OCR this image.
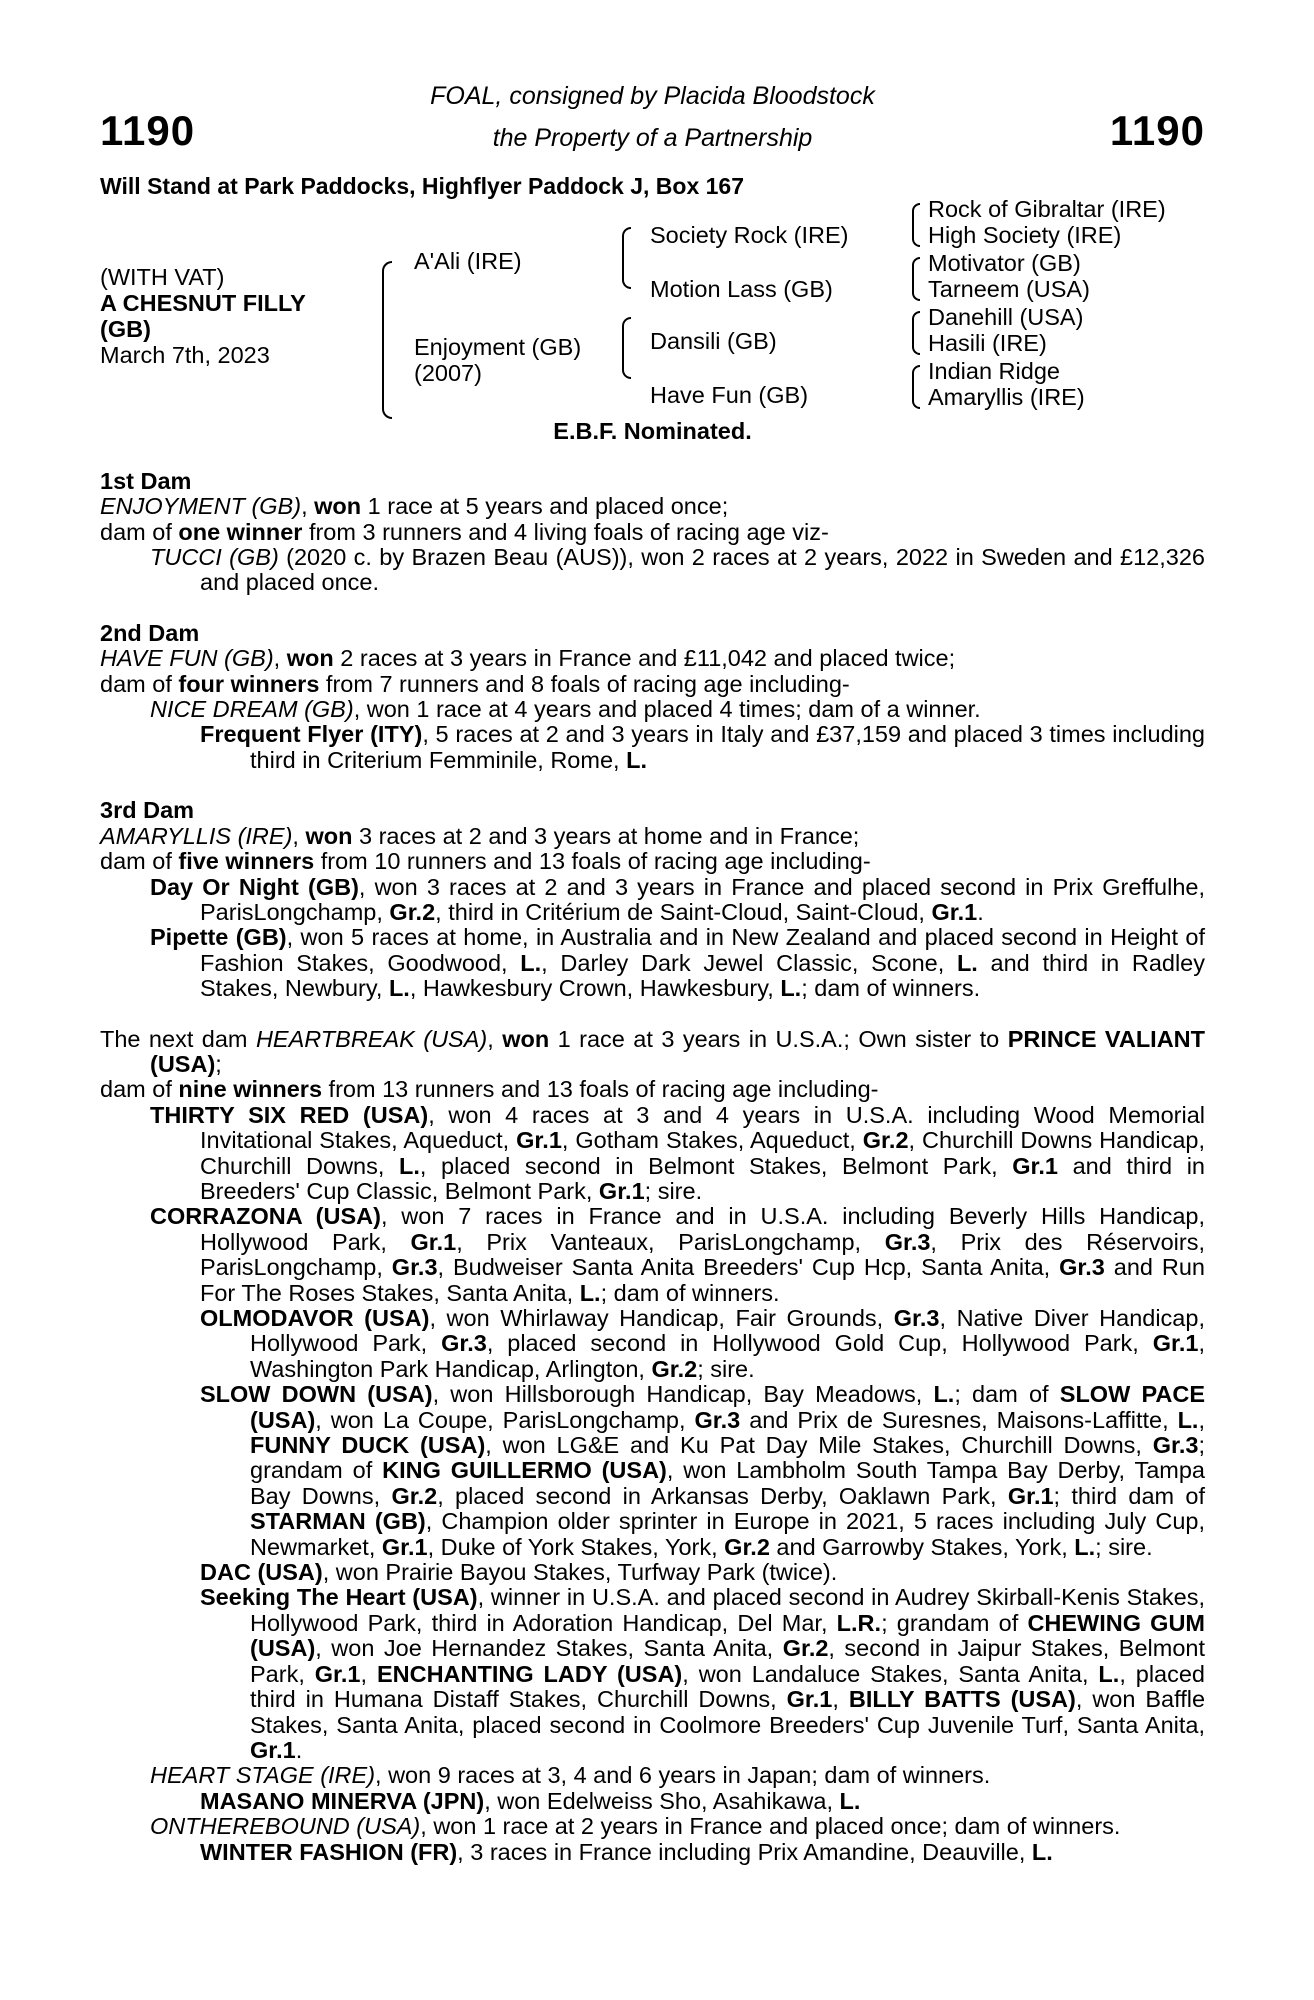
1190
FOAL, consigned by Placida Bloodstock
the Property of a Partnership	1190
Will Stand at Park Paddocks, Highflyer Paddock J, Box 167
(WITH VAT)
A CHESNUT FILLY
(GB)
March 7th, 2023
A'Ali (IRE)
Enjoyment (GB)
(2007)
Society Rock (IRE)
Motion Lass (GB)
Dansili (GB)
Have Fun (GB)
Rock of Gibraltar (IRE)
High Society (IRE)
Motivator (GB)
Tarneem (USA)
Danehill (USA)
Hasili (IRE)
Indian Ridge
Amaryllis (IRE)
E.B.F. Nominated.
1st Dam
ENJOYMENT (GB), won 1 race at 5 years and placed once;
dam of one winner from 3 runners and 4 living foals of racing age viz-
TUCCI (GB) (2020 c. by Brazen Beau (AUS)), won 2 races at 2 years, 2022 in Sweden and £12,326 and placed once.
2nd Dam
HAVE FUN (GB), won 2 races at 3 years in France and £11,042 and placed twice;
dam of four winners from 7 runners and 8 foals of racing age including-
NICE DREAM (GB), won 1 race at 4 years and placed 4 times; dam of a winner.
Frequent Flyer (ITY), 5 races at 2 and 3 years in Italy and £37,159 and placed 3 times including third in Criterium Femminile, Rome, L.
3rd Dam
AMARYLLIS (IRE), won 3 races at 2 and 3 years at home and in France;
dam of five winners from 10 runners and 13 foals of racing age including-
Day Or Night (GB), won 3 races at 2 and 3 years in France and placed second in Prix Greffulhe, ParisLongchamp, Gr.2, third in Critérium de Saint-Cloud, Saint-Cloud, Gr.1.
Pipette (GB), won 5 races at home, in Australia and in New Zealand and placed second in Height of Fashion Stakes, Goodwood, L., Darley Dark Jewel Classic, Scone, L. and third in Radley Stakes, Newbury, L., Hawkesbury Crown, Hawkesbury, L.; dam of winners.
The next dam HEARTBREAK (USA), won 1 race at 3 years in U.S.A.; Own sister to PRINCE VALIANT (USA);
dam of nine winners from 13 runners and 13 foals of racing age including-
THIRTY SIX RED (USA), won 4 races at 3 and 4 years in U.S.A. including Wood Memorial Invitational Stakes, Aqueduct, Gr.1, Gotham Stakes, Aqueduct, Gr.2, Churchill Downs Handicap, Churchill Downs, L., placed second in Belmont Stakes, Belmont Park, Gr.1 and third in Breeders' Cup Classic, Belmont Park, Gr.1; sire.
CORRAZONA (USA), won 7 races in France and in U.S.A. including Beverly Hills Handicap, Hollywood Park, Gr.1, Prix Vanteaux, ParisLongchamp, Gr.3, Prix des Réservoirs, ParisLongchamp, Gr.3, Budweiser Santa Anita Breeders' Cup Hcp, Santa Anita, Gr.3 and Run For The Roses Stakes, Santa Anita, L.; dam of winners.
OLMODAVOR (USA), won Whirlaway Handicap, Fair Grounds, Gr.3, Native Diver Handicap, Hollywood Park, Gr.3, placed second in Hollywood Gold Cup, Hollywood Park, Gr.1, Washington Park Handicap, Arlington, Gr.2; sire.
SLOW DOWN (USA), won Hillsborough Handicap, Bay Meadows, L.; dam of SLOW PACE (USA), won La Coupe, ParisLongchamp, Gr.3 and Prix de Suresnes, Maisons-Laffitte, L., FUNNY DUCK (USA), won LG&E and Ku Pat Day Mile Stakes, Churchill Downs, Gr.3; grandam of KING GUILLERMO (USA), won Lambholm South Tampa Bay Derby, Tampa Bay Downs, Gr.2, placed second in Arkansas Derby, Oaklawn Park, Gr.1; third dam of STARMAN (GB), Champion older sprinter in Europe in 2021, 5 races including July Cup, Newmarket, Gr.1, Duke of York Stakes, York, Gr.2 and Garrowby Stakes, York, L.; sire.
DAC (USA), won Prairie Bayou Stakes, Turfway Park (twice).
Seeking The Heart (USA), winner in U.S.A. and placed second in Audrey Skirball-Kenis Stakes, Hollywood Park, third in Adoration Handicap, Del Mar, L.R.; grandam of CHEWING GUM (USA), won Joe Hernandez Stakes, Santa Anita, Gr.2, second in Jaipur Stakes, Belmont Park, Gr.1, ENCHANTING LADY (USA), won Landaluce Stakes, Santa Anita, L., placed third in Humana Distaff Stakes, Churchill Downs, Gr.1, BILLY BATTS (USA), won Baffle Stakes, Santa Anita, placed second in Coolmore Breeders' Cup Juvenile Turf, Santa Anita, Gr.1.
HEART STAGE (IRE), won 9 races at 3, 4 and 6 years in Japan; dam of winners.
MASANO MINERVA (JPN), won Edelweiss Sho, Asahikawa, L.
ONTHEREBOUND (USA), won 1 race at 2 years in France and placed once; dam of winners.
WINTER FASHION (FR), 3 races in France including Prix Amandine, Deauville, L.
